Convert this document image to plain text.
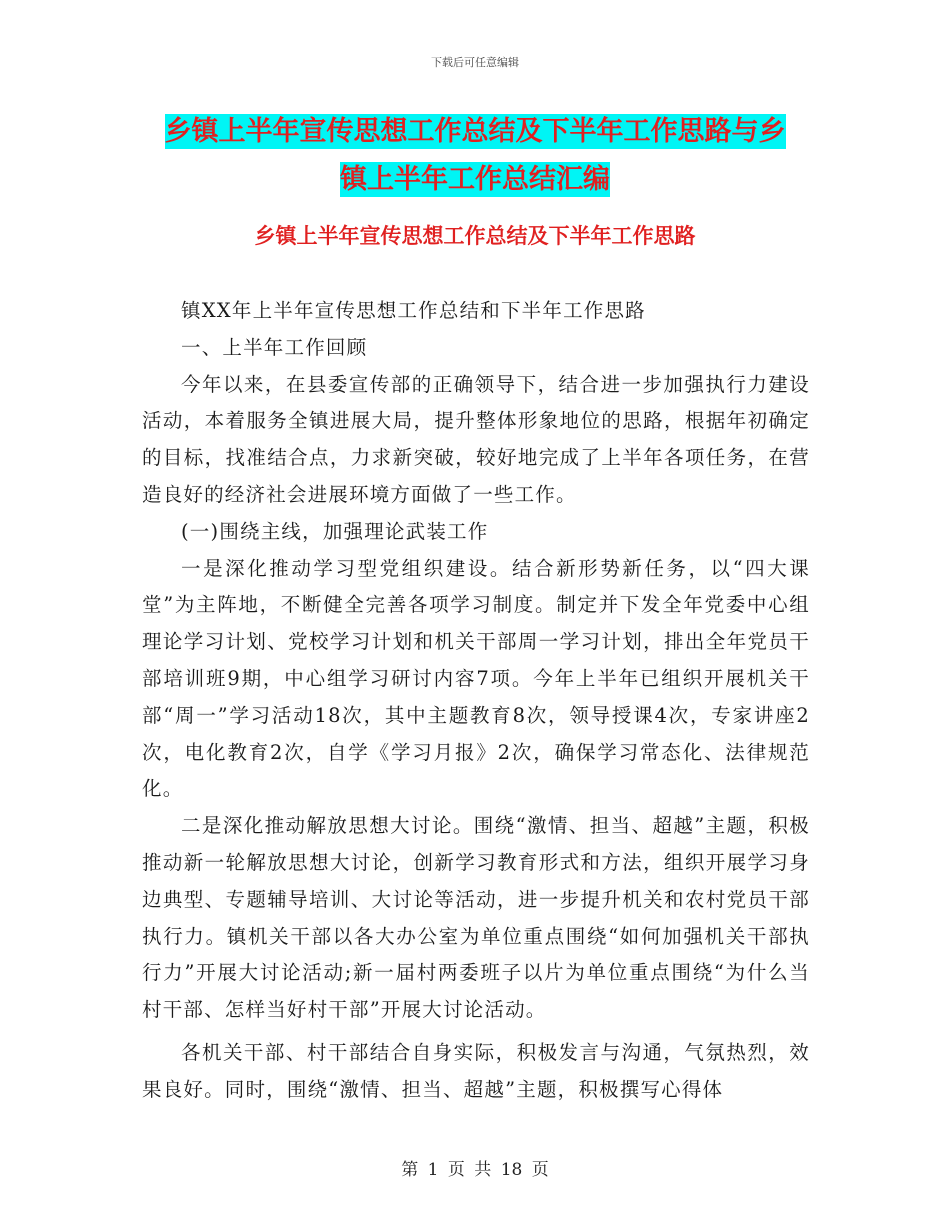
下载后可任意编辑
乡镇上半年宣传思想工作总结及下半年工作思路与乡
镇上半年工作总结汇编
乡镇上半年宣传思想工作总结及下半年工作思路

镇XX年上半年宣传思想工作总结和下半年工作思路

一、上半年工作回顾

今年以来，在县委宣传部的正确领导下，结合进一步加强执行力建设活动，本着服务全镇进展大局，提升整体形象地位的思路，根据年初确定的目标，找准结合点，力求新突破，较好地完成了上半年各项任务，在营造良好的经济社会进展环境方面做了一些工作。

(一)围绕主线，加强理论武装工作

一是深化推动学习型党组织建设。结合新形势新任务，以“四大课堂”为主阵地，不断健全完善各项学习制度。制定并下发全年党委中心组理论学习计划、党校学习计划和机关干部周一学习计划，排出全年党员干部培训班9期，中心组学习研讨内容7项。今年上半年已组织开展机关干部“周一”学习活动18次，其中主题教育8次，领导授课4次，专家讲座2次，电化教育2次，自学《学习月报》2次，确保学习常态化、法律规范化。

二是深化推动解放思想大讨论。围绕“激情、担当、超越”主题，积极推动新一轮解放思想大讨论，创新学习教育形式和方法，组织开展学习身边典型、专题辅导培训、大讨论等活动，进一步提升机关和农村党员干部执行力。镇机关干部以各大办公室为单位重点围绕“如何加强机关干部执行力”开展大讨论活动;新一届村两委班子以片为单位重点围绕“为什么当村干部、怎样当好村干部”开展大讨论活动。

各机关干部、村干部结合自身实际，积极发言与沟通，气氛热烈，效果良好。同时，围绕“激情、担当、超越”主题，积极撰写心得体

第 1 页 共 18 页
